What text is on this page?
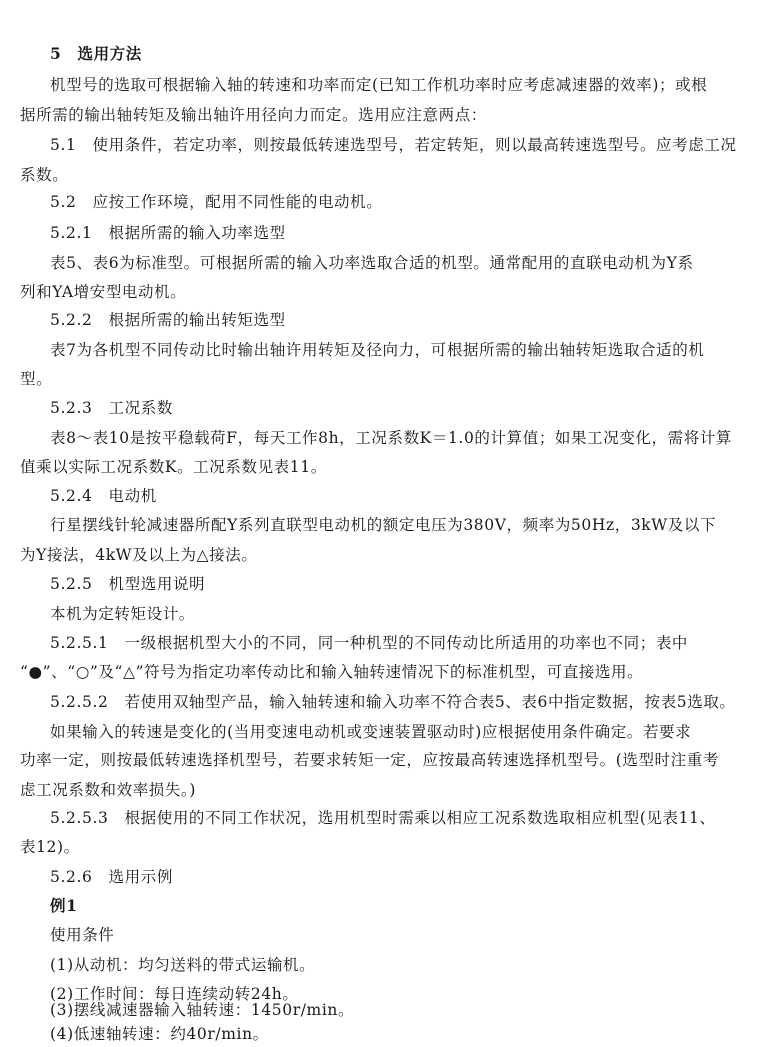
5　选用方法
机型号的选取可根据输入轴的转速和功率而定(已知工作机功率时应考虑减速器的效率)；或根
据所需的输出轴转矩及输出轴许用径向力而定。选用应注意两点：
5.1　使用条件，若定功率，则按最低转速选型号，若定转矩，则以最高转速选型号。应考虑工况
系数。
5.2　应按工作环境，配用不同性能的电动机。
5.2.1　根据所需的输入功率选型
表5、表6为标准型。可根据所需的输入功率选取合适的机型。通常配用的直联电动机为Y系
列和YA增安型电动机。
5.2.2　根据所需的输出转矩选型
表7为各机型不同传动比时输出轴许用转矩及径向力，可根据所需的输出轴转矩选取合适的机
型。
5.2.3　工况系数
表8～表10是按平稳载荷F，每天工作8h，工况系数K＝1.0的计算值；如果工况变化，需将计算
值乘以实际工况系数K。工况系数见表11。
5.2.4　电动机
行星摆线针轮减速器所配Y系列直联型电动机的额定电压为380V，频率为50Hz，3kW及以下
为Y接法，4kW及以上为△接法。
5.2.5　机型选用说明
本机为定转矩设计。
5.2.5.1　一级根据机型大小的不同，同一种机型的不同传动比所适用的功率也不同；表中
“●”、“○”及“△”符号为指定功率传动比和输入轴转速情况下的标准机型，可直接选用。
5.2.5.2　若使用双轴型产品，输入轴转速和输入功率不符合表5、表6中指定数据，按表5选取。
如果输入的转速是变化的(当用变速电动机或变速装置驱动时)应根据使用条件确定。若要求
功率一定，则按最低转速选择机型号，若要求转矩一定，应按最高转速选择机型号。(选型时注重考
虑工况系数和效率损失。)
5.2.5.3　根据使用的不同工作状况，选用机型时需乘以相应工况系数选取相应机型(见表11、
表12)。
5.2.6　选用示例
例1
使用条件
(1)从动机：均匀送料的带式运输机。
(2)工作时间：每日连续动转24h。
(3)摆线减速器输入轴转速：1450r/min。
(4)低速轴转速：约40r/min。
